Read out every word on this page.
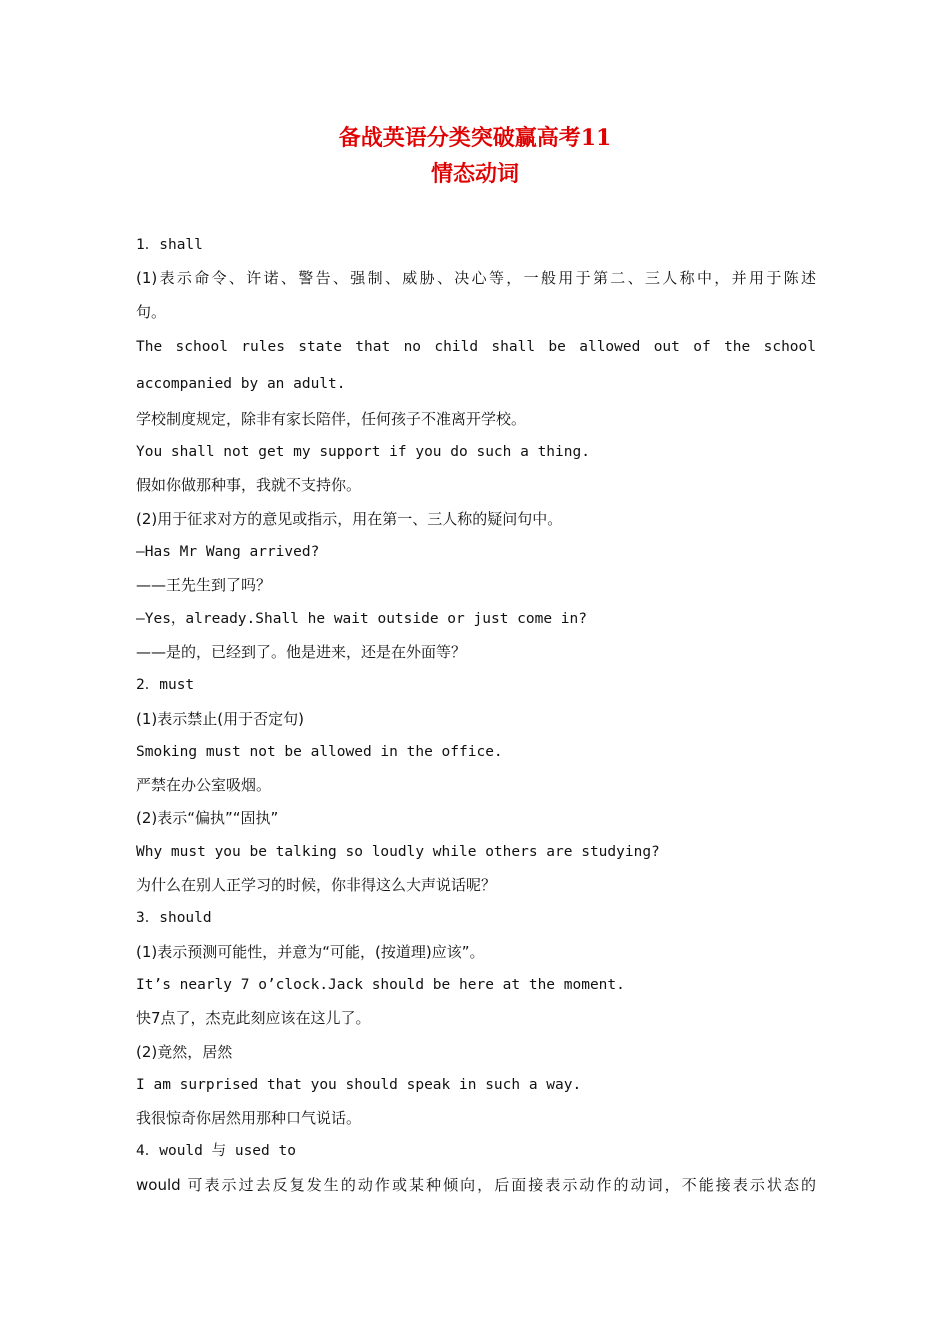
备战英语分类突破赢高考11
情态动词
1．shall
(1)表示命令、许诺、警告、强制、威胁、决心等，一般用于第二、三人称中，并用于陈述
句。
The school rules state that no child shall be allowed out of the school
accompanied by an adult.
学校制度规定，除非有家长陪伴，任何孩子不准离开学校。
You shall not get my support if you do such a thing.
假如你做那种事，我就不支持你。
(2)用于征求对方的意见或指示，用在第一、三人称的疑问句中。
—Has Mr Wang arrived?
——王先生到了吗？
—Yes，already.Shall he wait outside or just come in?
——是的，已经到了。他是进来，还是在外面等？
2．must
(1)表示禁止(用于否定句)
Smoking must not be allowed in the office.
严禁在办公室吸烟。
(2)表示“偏执”“固执”
Why must you be talking so loudly while others are studying?
为什么在别人正学习的时候，你非得这么大声说话呢？
3．should
(1)表示预测可能性，并意为“可能，(按道理)应该”。
It’s nearly 7 o’clock.Jack should be here at the moment.
快7点了，杰克此刻应该在这儿了。
(2)竟然，居然
I am surprised that you should speak in such a way.
我很惊奇你居然用那种口气说话。
4．would 与 used to
would 可表示过去反复发生的动作或某种倾向，后面接表示动作的动词，不能接表示状态的
